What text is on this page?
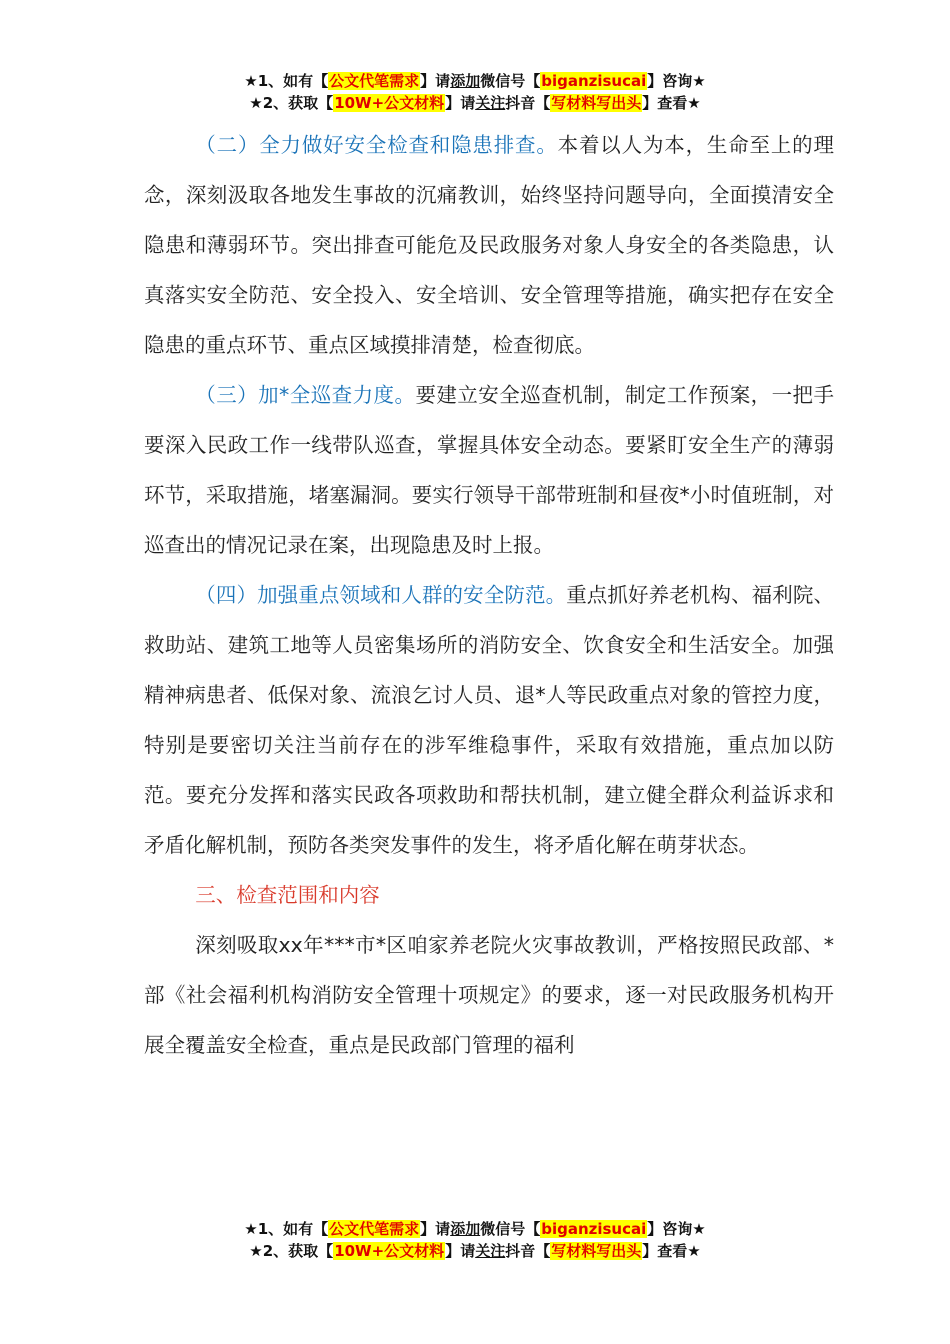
★1、如有【公文代笔需求】请添加微信号【biganzisucai】咨询★
★2、获取【10W+公文材料】请关注抖音【写材料写出头】查看★

（二）全力做好安全检查和隐患排查。本着以人为本，生命至上的理念，深刻汲取各地发生事故的沉痛教训，始终坚持问题导向，全面摸清安全隐患和薄弱环节。突出排查可能危及民政服务对象人身安全的各类隐患，认真落实安全防范、安全投入、安全培训、安全管理等措施，确实把存在安全隐患的重点环节、重点区域摸排清楚，检查彻底。

（三）加*全巡查力度。要建立安全巡查机制，制定工作预案，一把手要深入民政工作一线带队巡查，掌握具体安全动态。要紧盯安全生产的薄弱环节，采取措施，堵塞漏洞。要实行领导干部带班制和昼夜*小时值班制，对巡查出的情况记录在案，出现隐患及时上报。

（四）加强重点领域和人群的安全防范。重点抓好养老机构、福利院、救助站、建筑工地等人员密集场所的消防安全、饮食安全和生活安全。加强精神病患者、低保对象、流浪乞讨人员、退*人等民政重点对象的管控力度，特别是要密切关注当前存在的涉军维稳事件，采取有效措施，重点加以防范。要充分发挥和落实民政各项救助和帮扶机制，建立健全群众利益诉求和矛盾化解机制，预防各类突发事件的发生，将矛盾化解在萌芽状态。

三、检查范围和内容

深刻吸取xx年***市*区咱家养老院火灾事故教训，严格按照民政部、*部《社会福利机构消防安全管理十项规定》的要求，逐一对民政服务机构开展全覆盖安全检查，重点是民政部门管理的福利

★1、如有【公文代笔需求】请添加微信号【biganzisucai】咨询★
★2、获取【10W+公文材料】请关注抖音【写材料写出头】查看★
